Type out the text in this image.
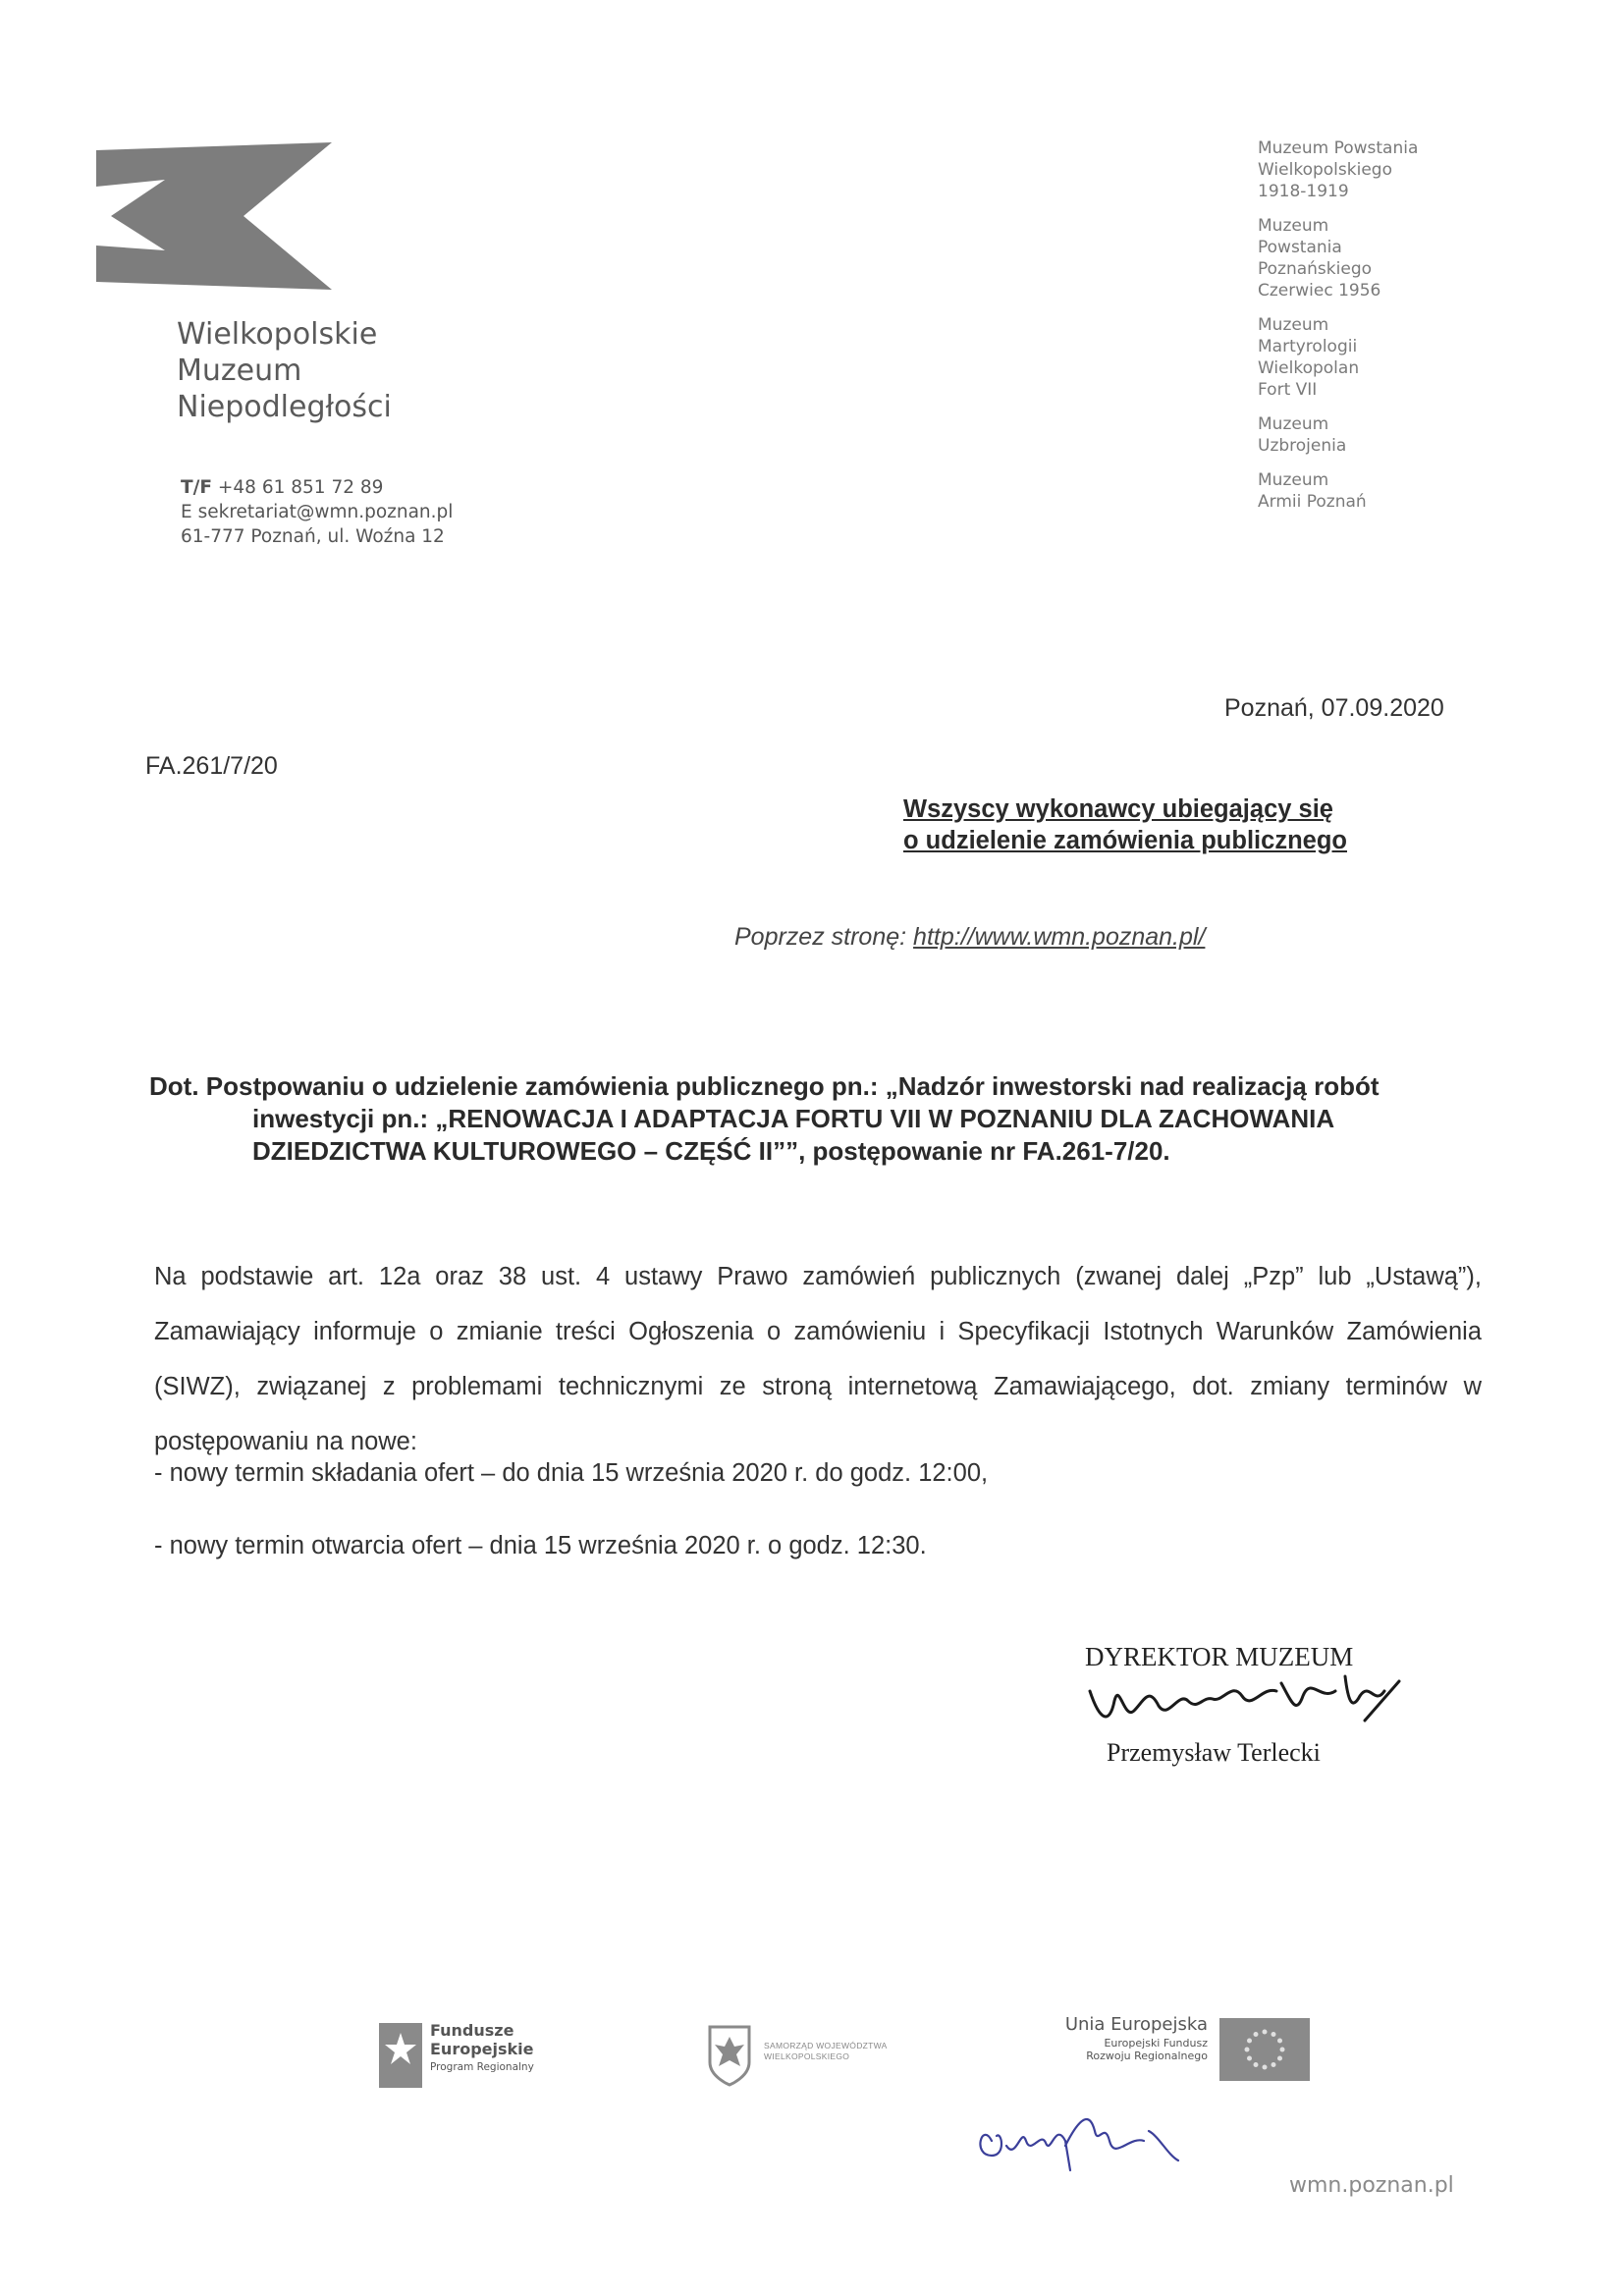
Wielkopolskie
Muzeum
Niepodległości
T/F +48 61 851 72 89
E sekretariat@wmn.poznan.pl
61-777 Poznań, ul. Woźna 12
Muzeum Powstania
Wielkopolskiego
1918-1919
Muzeum
Powstania
Poznańskiego
Czerwiec 1956
Muzeum
Martyrologii
Wielkopolan
Fort VII
Muzeum
Uzbrojenia
Muzeum
Armii Poznań
Poznań, 07.09.2020
FA.261/7/20
Wszyscy wykonawcy ubiegający się
o udzielenie zamówienia publicznego
Poprzez stronę: http://www.wmn.poznan.pl/
Dot. Postpowaniu o udzielenie zamówienia publicznego pn.: „Nadzór inwestorski nad realizacją robót
inwestycji pn.: „RENOWACJA I ADAPTACJA FORTU VII W POZNANIU DLA ZACHOWANIA
DZIEDZICTWA KULTUROWEGO – CZĘŚĆ II””, postępowanie nr FA.261-7/20.
Na podstawie art. 12a oraz 38 ust. 4 ustawy Prawo zamówień publicznych (zwanej dalej „Pzp” lub „Ustawą”), Zamawiający informuje o zmianie treści Ogłoszenia o zamówieniu i Specyfikacji Istotnych Warunków Zamówienia (SIWZ), związanej z problemami technicznymi ze stroną internetową Zamawiającego, dot. zmiany terminów w postępowaniu na nowe:
- nowy termin składania ofert – do dnia 15 września 2020 r. do godz. 12:00,
- nowy termin otwarcia ofert – dnia 15 września 2020 r. o godz. 12:30.
DYREKTOR MUZEUM
Przemysław Terlecki
Fundusze
Europejskie
Program Regionalny
SAMORZĄD WOJEWÓDZTWA
WIELKOPOLSKIEGO
Unia Europejska
Europejski Fundusz
Rozwoju Regionalnego
wmn.poznan.pl
